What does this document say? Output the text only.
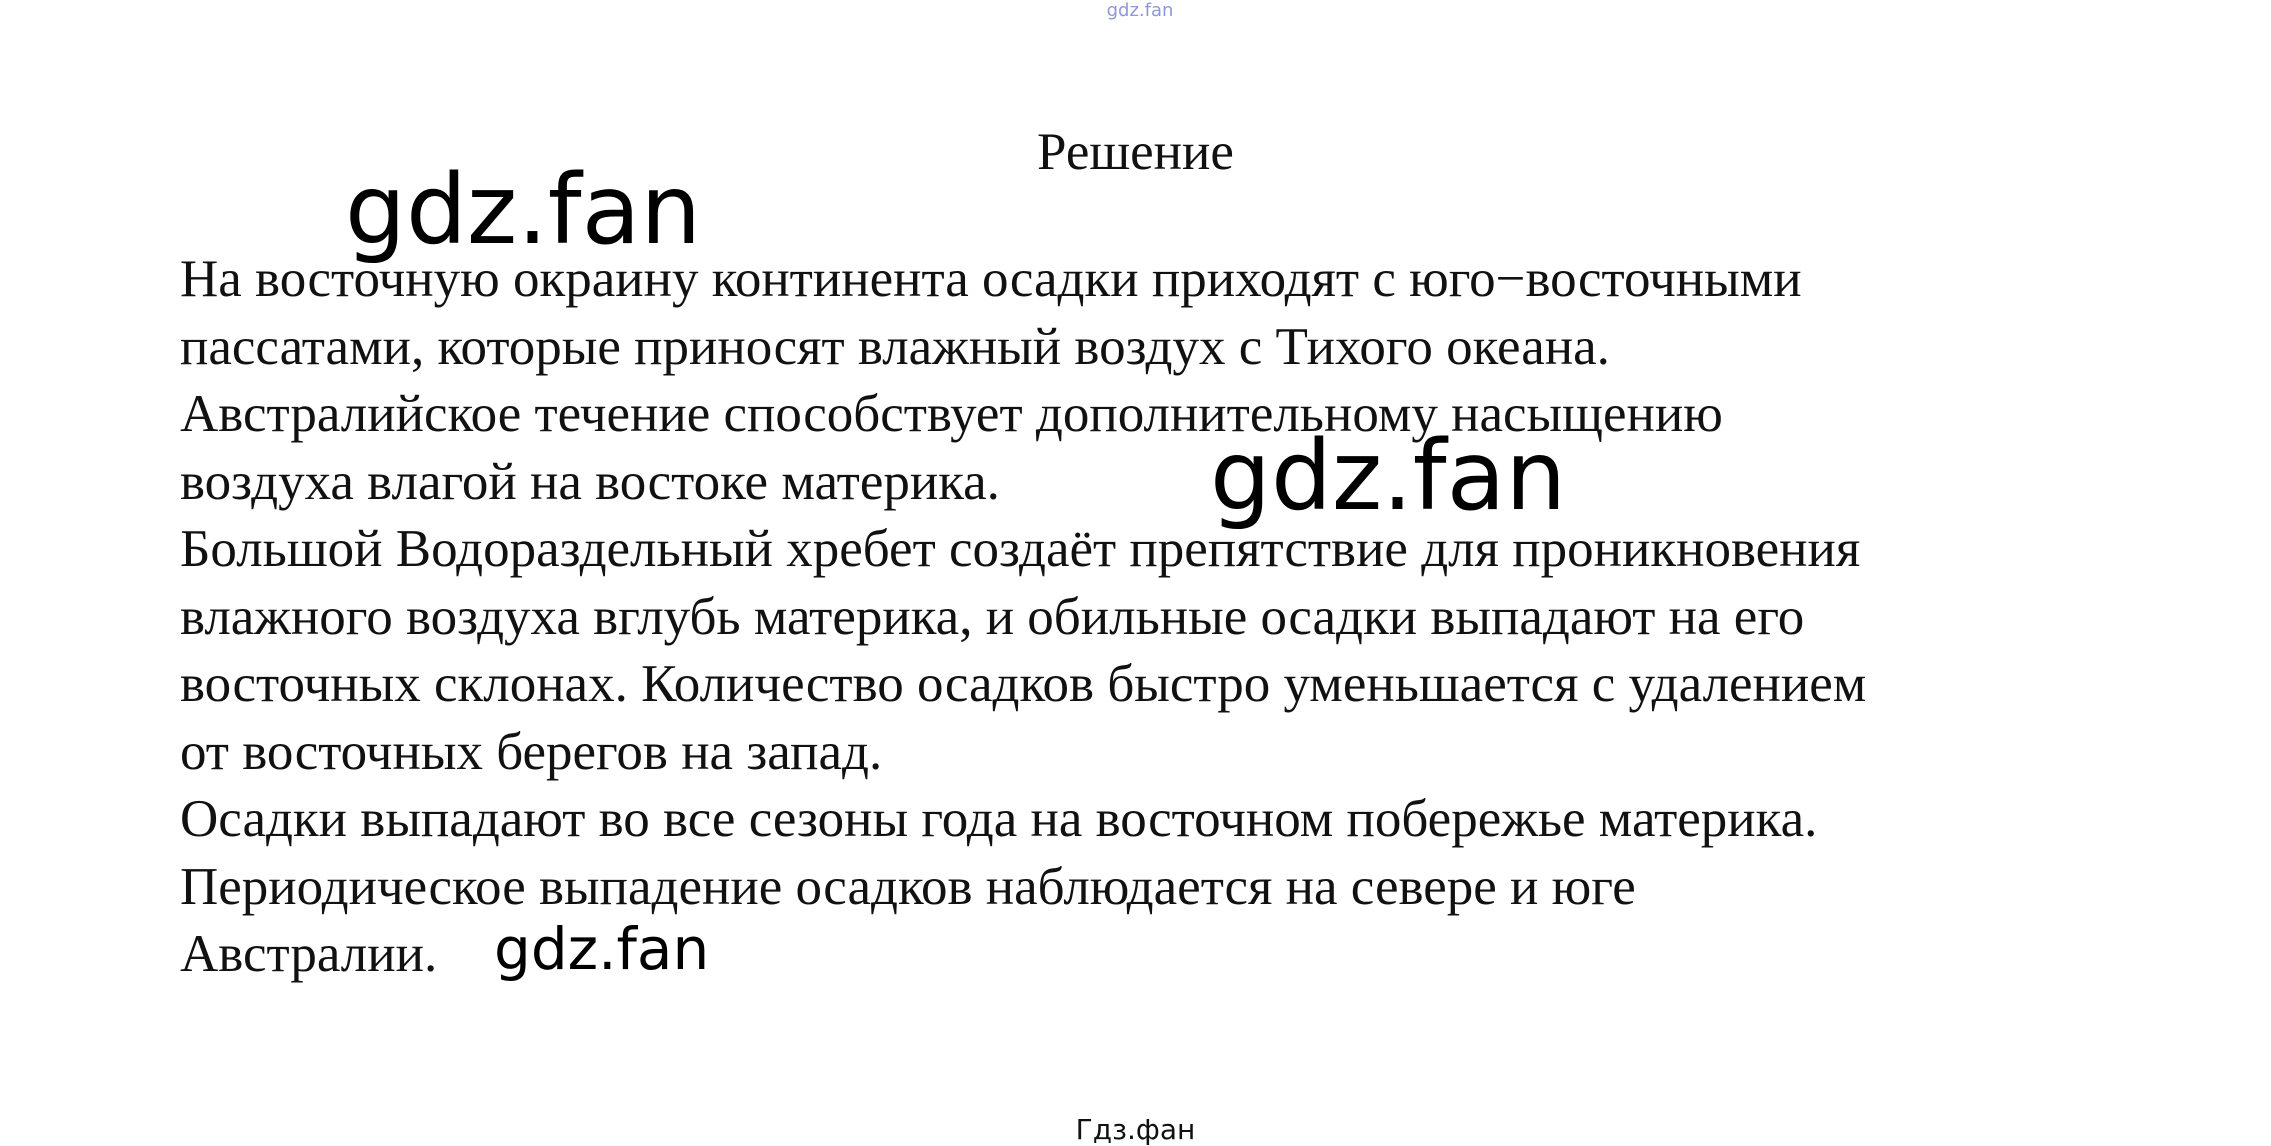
gdz.fan
Решение
gdz.fan
На восточную окраину континента осадки приходят с юго−восточными
пассатами, которые приносят влажный воздух с Тихого океана.
Австралийское течение способствует дополнительному насыщению
воздуха влагой на востоке материка.
Большой Водораздельный хребет создаёт препятствие для проникновения
влажного воздуха вглубь материка, и обильные осадки выпадают на его
восточных склонах. Количество осадков быстро уменьшается с удалением
от восточных берегов на запад.
Осадки выпадают во все сезоны года на восточном побережье материка.
Периодическое выпадение осадков наблюдается на севере и юге
Австралии.
gdz.fan
gdz.fan
Гдз.фан
